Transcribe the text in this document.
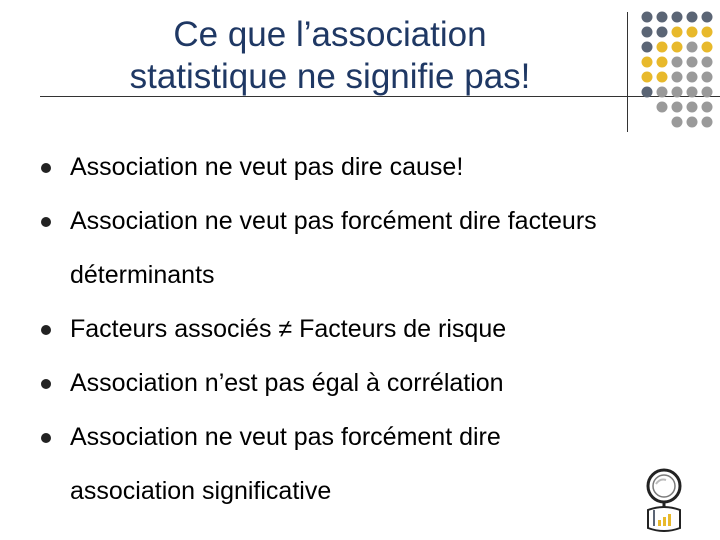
Ce que l’association
statistique ne signifie pas!
Association ne veut pas dire cause!
Association ne veut pas forcément dire facteurs déterminants
Facteurs associés ≠ Facteurs de risque
Association n’est pas égal à corrélation
Association ne veut pas forcément dire association significative
